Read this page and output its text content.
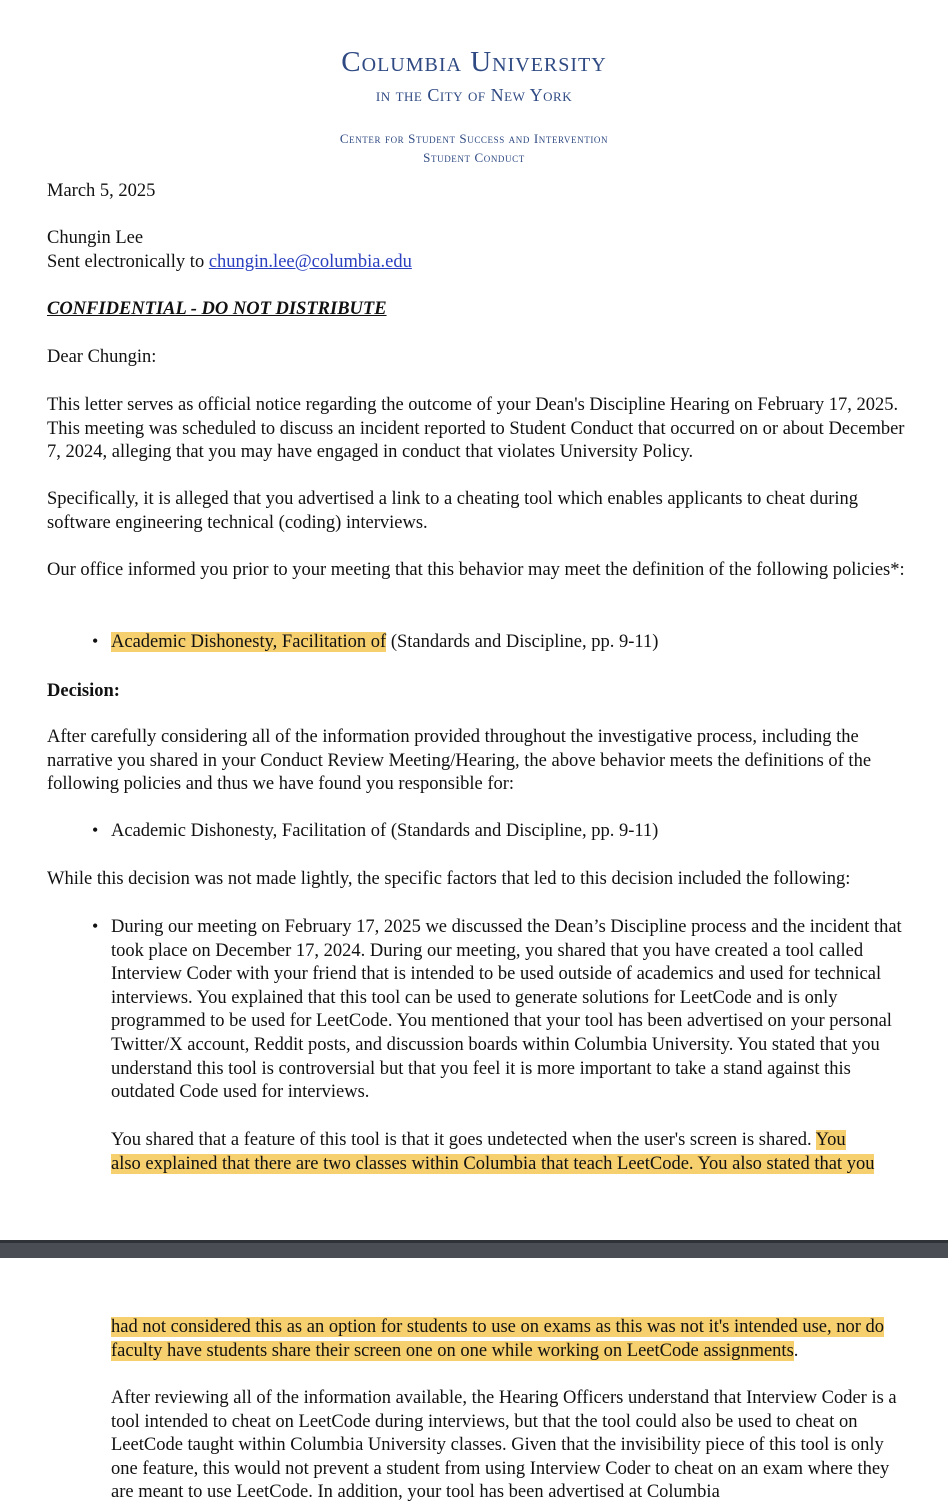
Columbia University
in the City of New York
Center for Student Success and Intervention
Student Conduct

March 5, 2025

Chungin Lee

Sent electronically to chungin.lee@columbia.edu

CONFIDENTIAL - DO NOT DISTRIBUTE

Dear Chungin:

This letter serves as official notice regarding the outcome of your Dean's Discipline Hearing on February 17, 2025. This meeting was scheduled to discuss an incident reported to Student Conduct that occurred on or about December 7, 2024, alleging that you may have engaged in conduct that violates University Policy.

Specifically, it is alleged that you advertised a link to a cheating tool which enables applicants to cheat during software engineering technical (coding) interviews.

Our office informed you prior to your meeting that this behavior may meet the definition of the following policies*:

• Academic Dishonesty, Facilitation of (Standards and Discipline, pp. 9-11)

Decision:

After carefully considering all of the information provided throughout the investigative process, including the narrative you shared in your Conduct Review Meeting/Hearing, the above behavior meets the definitions of the following policies and thus we have found you responsible for:

• Academic Dishonesty, Facilitation of (Standards and Discipline, pp. 9-11)

While this decision was not made lightly, the specific factors that led to this decision included the following:

• During our meeting on February 17, 2025 we discussed the Dean’s Discipline process and the incident that took place on December 17, 2024. During our meeting, you shared that you have created a tool called Interview Coder with your friend that is intended to be used outside of academics and used for technical interviews. You explained that this tool can be used to generate solutions for LeetCode and is only programmed to be used for LeetCode. You mentioned that your tool has been advertised on your personal Twitter/X account, Reddit posts, and discussion boards within Columbia University. You stated that you understand this tool is controversial but that you feel it is more important to take a stand against this outdated Code used for interviews.

You shared that a feature of this tool is that it goes undetected when the user's screen is shared. You
also explained that there are two classes within Columbia that teach LeetCode. You also stated that you

had not considered this as an option for students to use on exams as this was not it's intended use, nor do faculty have students share their screen one on one while working on LeetCode assignments.

After reviewing all of the information available, the Hearing Officers understand that Interview Coder is a tool intended to cheat on LeetCode during interviews, but that the tool could also be used to cheat on LeetCode taught within Columbia University classes. Given that the invisibility piece of this tool is only one feature, this would not prevent a student from using Interview Coder to cheat on an exam where they are meant to use LeetCode. In addition, your tool has been advertised at Columbia
